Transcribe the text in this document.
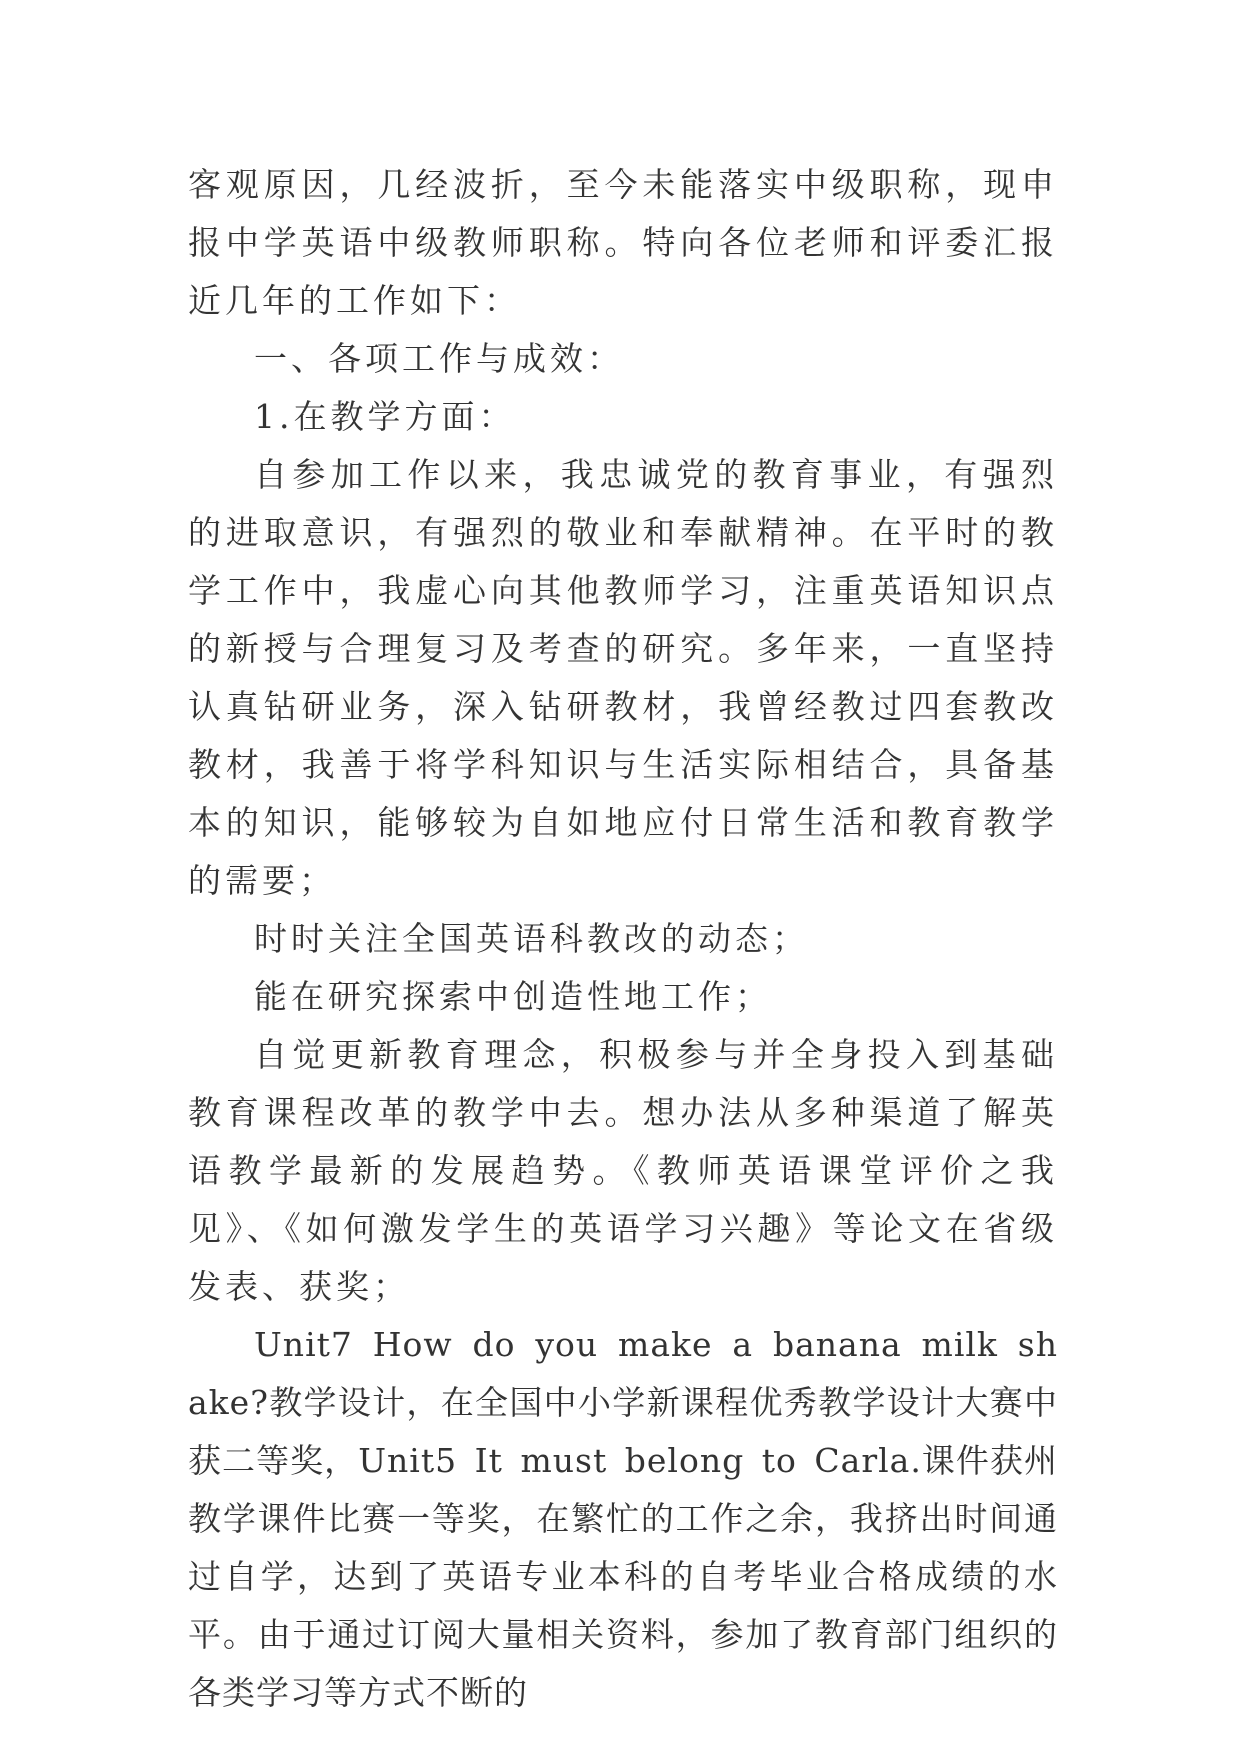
客观原因，几经波折，至今未能落实中级职称，现申报中学英语中级教师职称。特向各位老师和评委汇报近几年的工作如下：

一、各项工作与成效：

1.在教学方面：

自参加工作以来，我忠诚党的教育事业，有强烈的进取意识，有强烈的敬业和奉献精神。在平时的教学工作中，我虚心向其他教师学习，注重英语知识点的新授与合理复习及考查的研究。多年来，一直坚持认真钻研业务，深入钻研教材，我曾经教过四套教改教材，我善于将学科知识与生活实际相结合，具备基本的知识，能够较为自如地应付日常生活和教育教学的需要；

时时关注全国英语科教改的动态；

能在研究探索中创造性地工作；

自觉更新教育理念，积极参与并全身投入到基础教育课程改革的教学中去。想办法从多种渠道了解英语教学最新的发展趋势。《教师英语课堂评价之我见》、《如何激发学生的英语学习兴趣》等论文在省级发表、获奖；

Unit7 How do you make a banana milk shake?教学设计，在全国中小学新课程优秀教学设计大赛中获二等奖，Unit5 It must belong to Carla.课件获州教学课件比赛一等奖，在繁忙的工作之余，我挤出时间通过自学，达到了英语专业本科的自考毕业合格成绩的水平。由于通过订阅大量相关资料，参加了教育部门组织的各类学习等方式不断的
